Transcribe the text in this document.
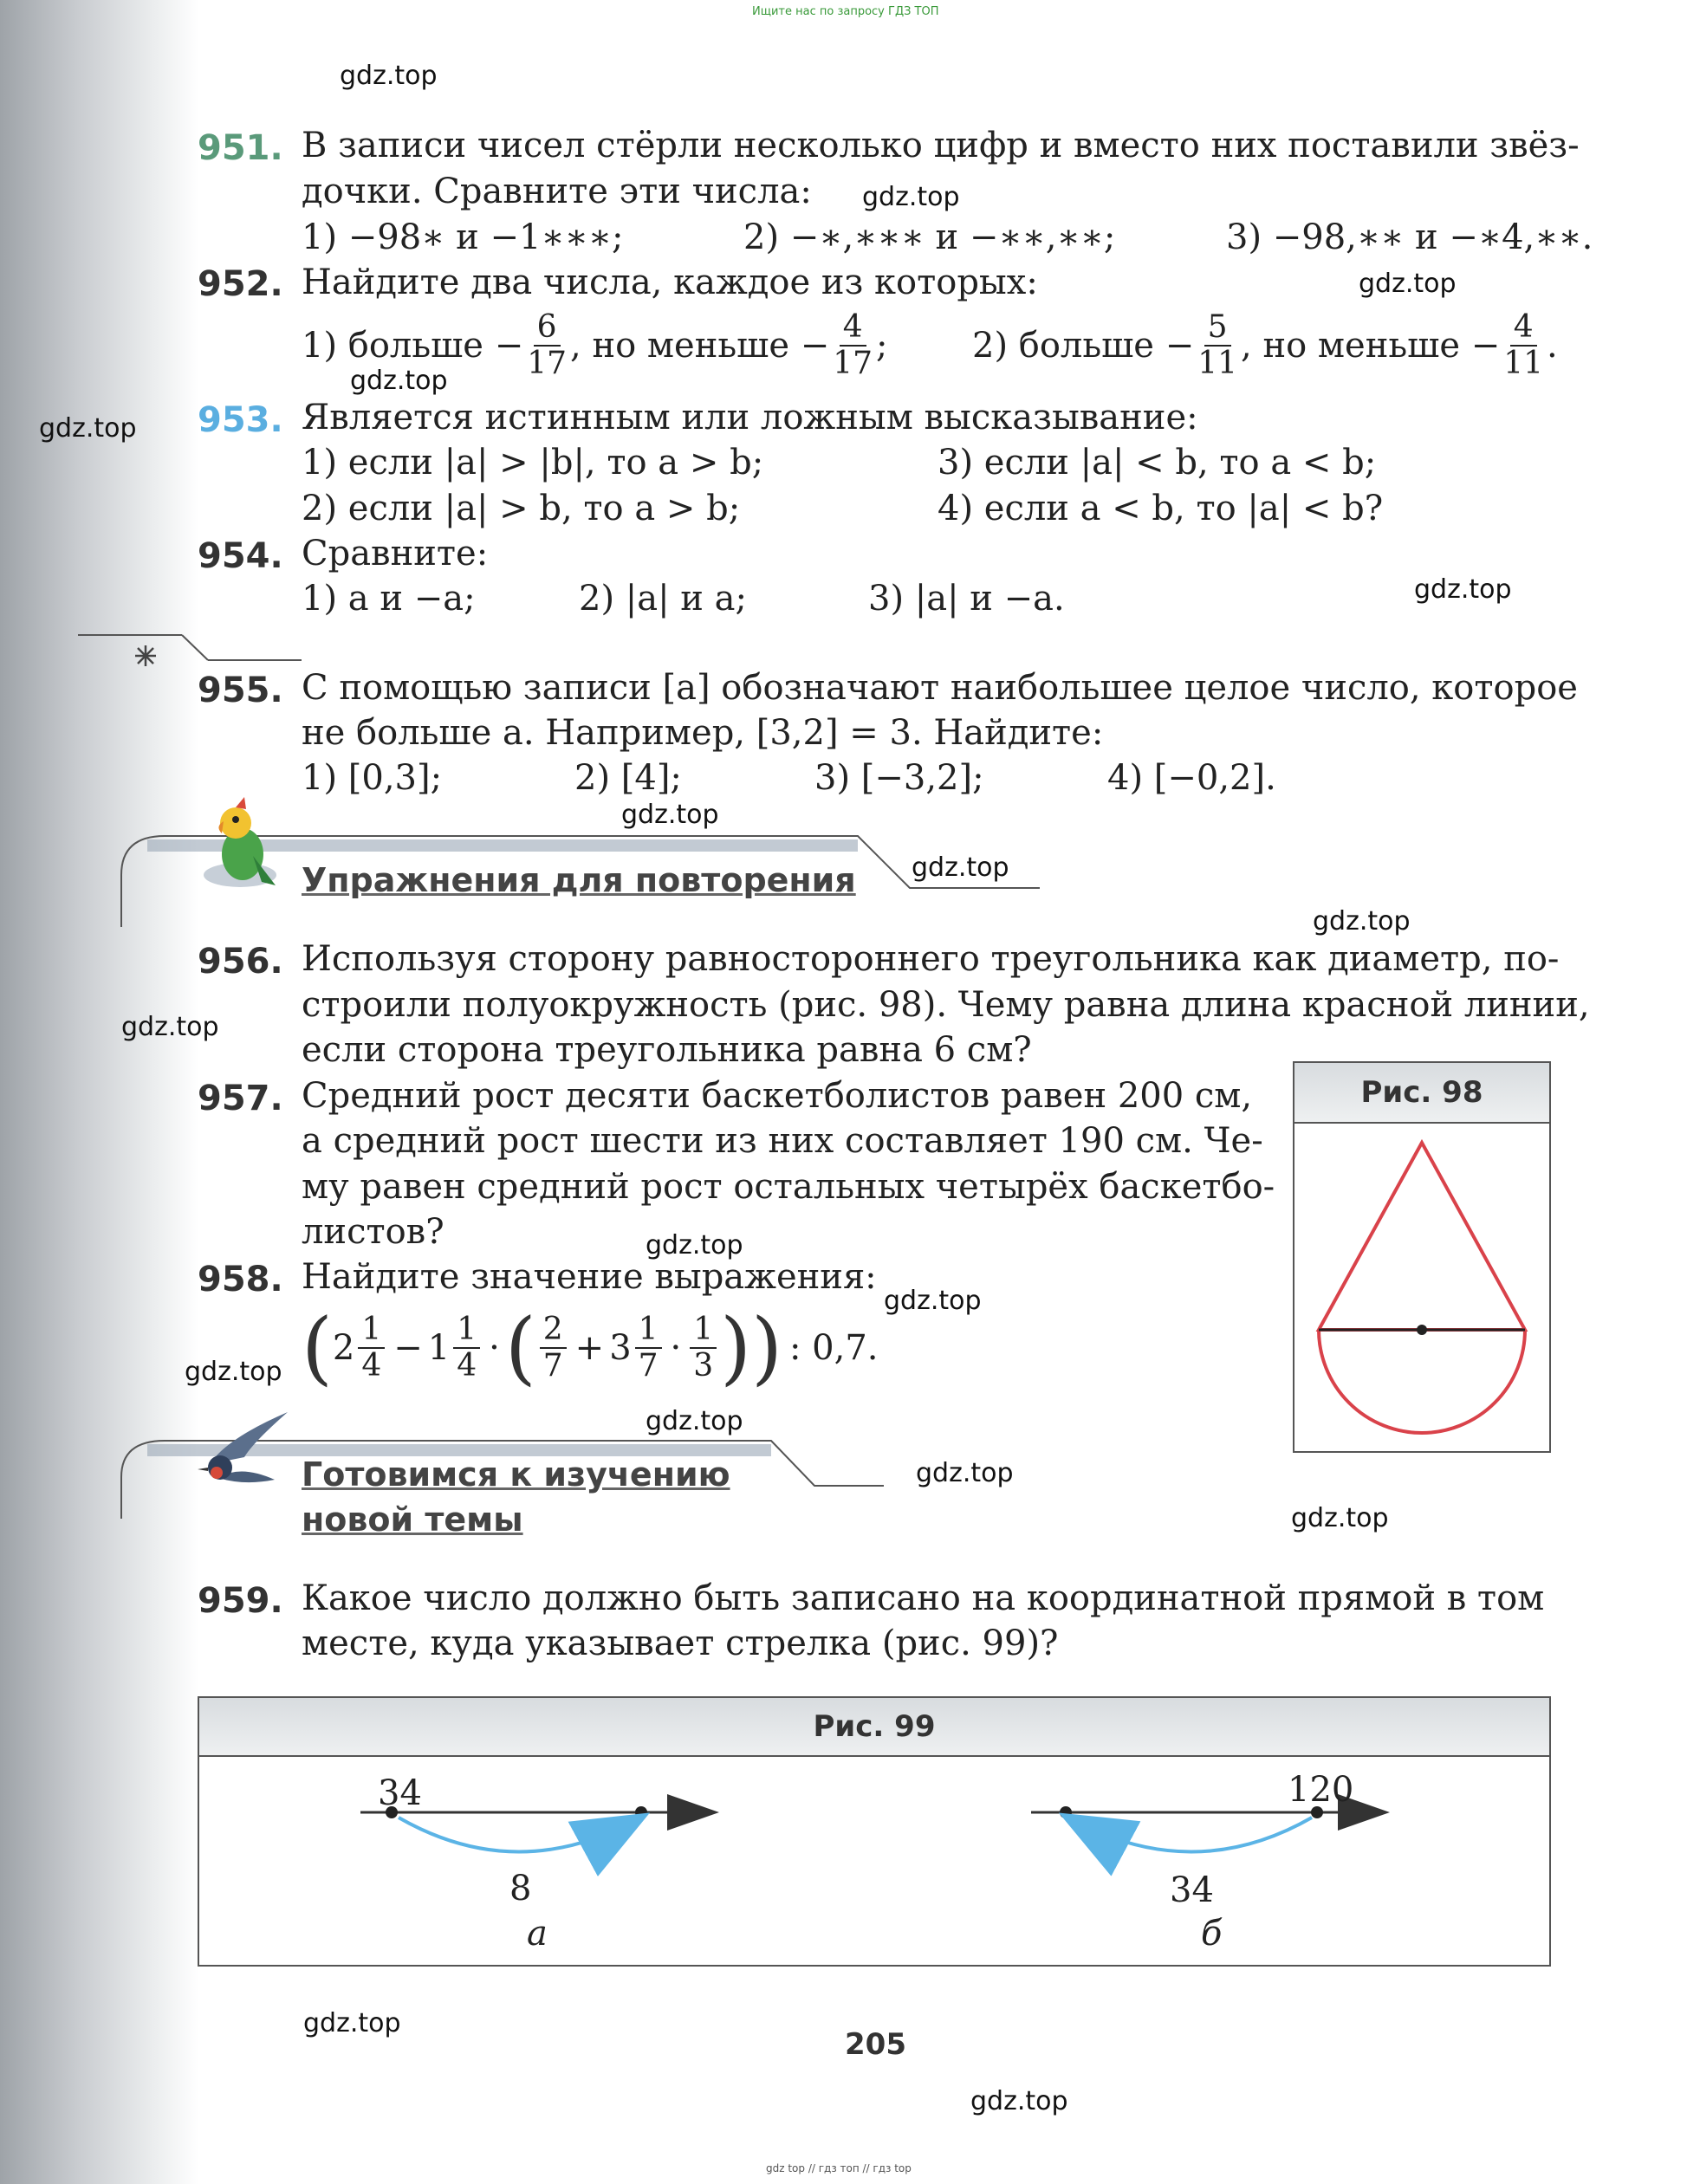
Ищите нас по запросу ГДЗ ТОП
gdz.top
gdz.top
gdz.top
gdz.top
gdz.top
gdz.top
gdz.top
gdz.top
gdz.top
gdz.top
gdz.top
gdz.top
gdz.top
gdz.top
gdz.top
gdz.top
gdz.top
gdz.top
951. В записи чисел стёрли несколько цифр и вместо них поставили звёз-
дочки. Сравните эти числа:
1) −98∗ и −1∗∗∗;	2) −∗,∗∗∗ и −∗∗,∗∗;	3) −98,∗∗ и −∗4,∗∗.
952. Найдите два числа, каждое из которых:
1) больше − $\frac{6}{17}$ , но меньше − $\frac{4}{17}$ ; 2) больше − $\frac{5}{11}$ , но меньше − $\frac{4}{11}$ .
953. Является истинным или ложным высказывание:
1) если |a| > |b|, то a > b;	3) если |a| < b, то a < b;
2) если |a| > b, то a > b;	4) если a < b, то |a| < b?
954. Сравните:
1) a и −a;	2) |a| и a;	3) |a| и −a.
955. С помощью записи [a] обозначают наибольшее целое число, которое
не больше a. Например, [3,2] = 3. Найдите:
1) [0,3];	2) [4];	3) [−3,2];	4) [−0,2].
Упражнения для повторения
956. Используя сторону равностороннего треугольника как диаметр, по-
строили полуокружность (рис. 98). Чему равна длина красной линии,
если сторона треугольника равна 6 см?
957. Средний рост десяти баскетболистов равен 200 см,
а средний рост шести из них составляет 190 см. Че-
му равен средний рост остальных четырёх баскетбо-
листов?
958. Найдите значение выражения:
( $2 \frac{1}{4} - 1 \frac{1}{4}$ · ( $\frac{2}{7} + 3 \frac{1}{7} \cdot \frac{1}{3}$ ) ) : 0,7.
Готовимся к изучению
новой темы
959. Какое число должно быть записано на координатной прямой в том
месте, куда указывает стрелка (рис. 99)?
Рис. 98
Рис. 99
34
8
а
120
34
б
205
gdz top // гдз топ // гдз top
